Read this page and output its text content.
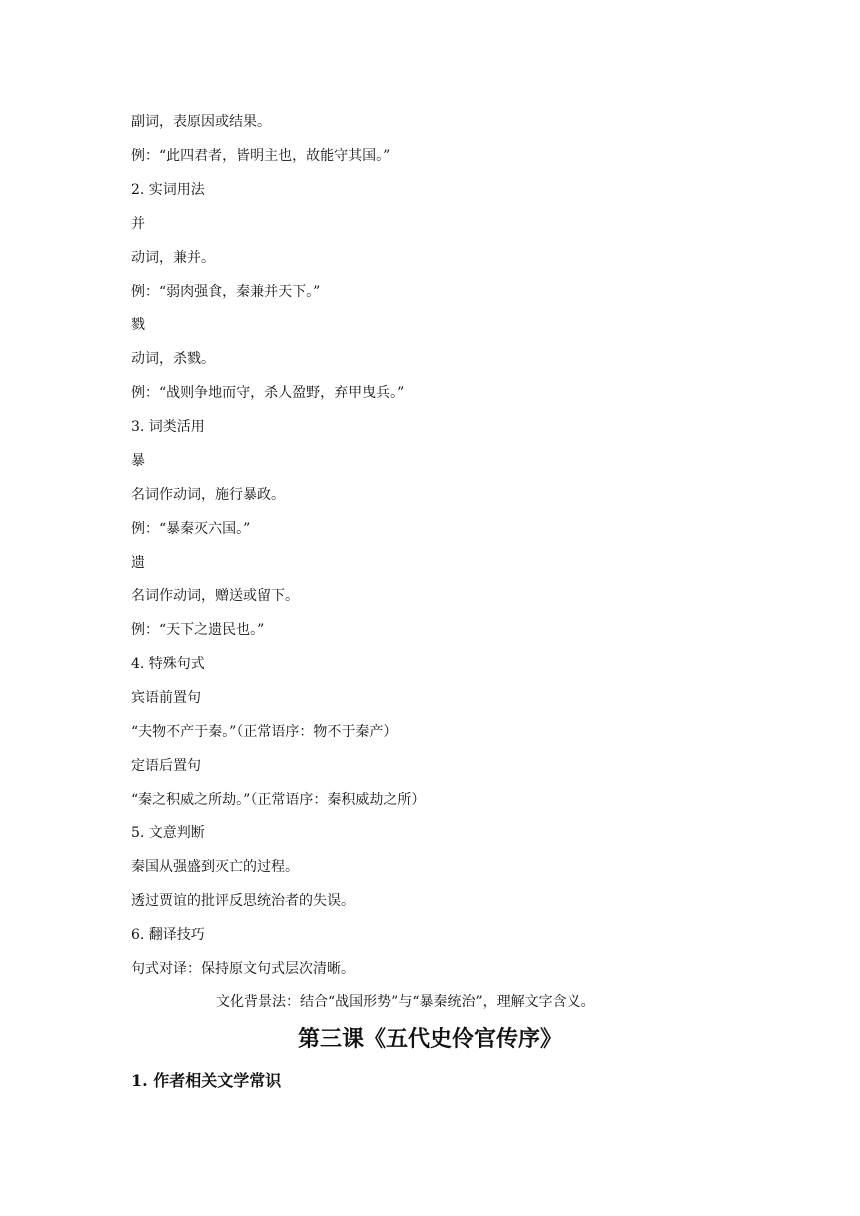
副词，表原因或结果。
例：“此四君者，皆明主也，故能守其国。”
2. 实词用法
并
动词，兼并。
例：“弱肉强食，秦兼并天下。”
戮
动词，杀戮。
例：“战则争地而守，杀人盈野，弃甲曳兵。”
3. 词类活用
暴
名词作动词，施行暴政。
例：“暴秦灭六国。”
遗
名词作动词，赠送或留下。
例：“天下之遗民也。”
4. 特殊句式
宾语前置句
“夫物不产于秦。”（正常语序：物不于秦产）
定语后置句
“秦之积威之所劫。”（正常语序：秦积威劫之所）
5. 文意判断
秦国从强盛到灭亡的过程。
透过贾谊的批评反思统治者的失误。
6. 翻译技巧
句式对译：保持原文句式层次清晰。
文化背景法：结合“战国形势”与“暴秦统治”，理解文字含义。
第三课《五代史伶官传序》
1. 作者相关文学常识
